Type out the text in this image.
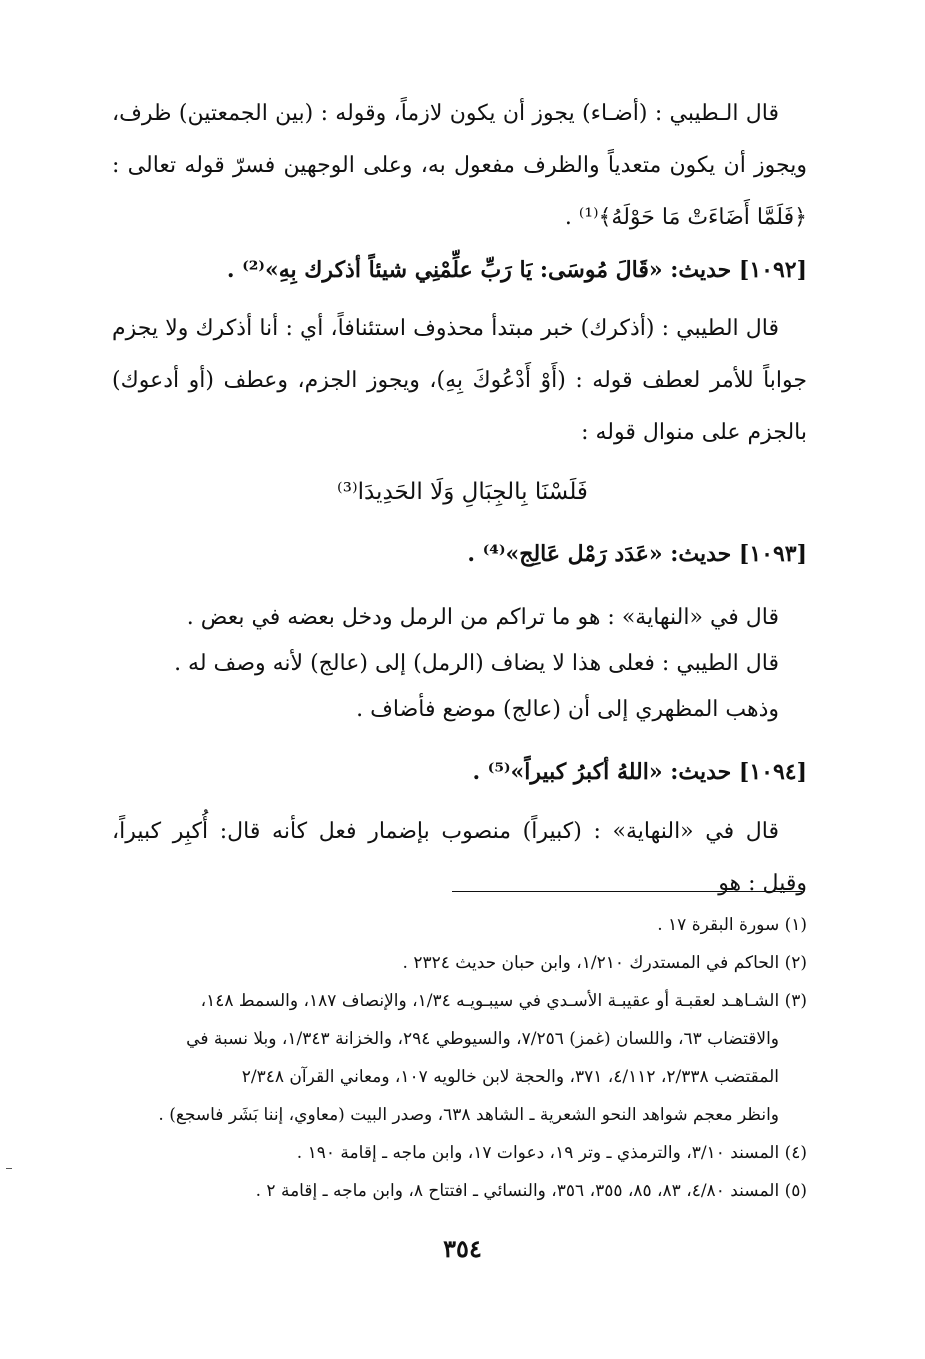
قال الـطيبي : (أضـاء) يجوز أن يكون لازماً، وقوله : (بين الجمعتين) ظرف، ويجوز أن يكون متعدياً والظرف مفعول به، وعلى الوجهين فسرّ قوله تعالى : ﴿فَلَمَّا أَضَاءَتْ مَا حَوْلَهُ﴾⁽¹⁾ .

[١٠٩٢] حديث: «قَالَ مُوسَى: يَا رَبِّ علِّمْنِي شيئاً أذكرك بِهِ»⁽²⁾ .

قال الطيبي : (أذكرك) خبر مبتدأ محذوف استئنافاً، أي : أنا أذكرك ولا يجزم جواباً للأمر لعطف قوله : (أَوْ أَدْعُوكَ بِهِ)، ويجوز الجزم، وعطف (أو أدعوك) بالجزم على منوال قوله :

فَلَسْنَا بِالجِبَالِ وَلَا الحَدِيدَا⁽³⁾

[١٠٩٣] حديث: «عَدَد رَمْل عَالِج»⁽⁴⁾ .

قال في «النهاية» : هو ما تراكم من الرمل ودخل بعضه في بعض .

قال الطيبي : فعلى هذا لا يضاف (الرمل) إلى (عالج) لأنه وصف له .

وذهب المظهري إلى أن (عالج) موضع فأضاف .

[١٠٩٤] حديث: «اللهُ أكبرُ كبيراً»⁽⁵⁾ .

قال في «النهاية» : (كبيراً) منصوب بإضمار فعل كأنه قال: أُكبِر كبيراً، وقيل : هو

(١) سورة البقرة ١٧ .

(٢) الحاكم في المستدرك ١/٢١٠، وابن حبان حديث ٢٣٢٤ .

(٣) الشـاهـد لعقبـة أو عقيبـة الأسـدي في سيبـويـه ١/٣٤، والإنصاف ١٨٧، والسمط ١٤٨،

والاقتضاب ٦٣، واللسان (غمز) ٧/٢٥٦، والسيوطي ٢٩٤، والخزانة ١/٣٤٣، وبلا نسبة في

المقتضب ٢/٣٣٨، ٤/١١٢، ٣٧١، والحجة لابن خالويه ١٠٧، ومعاني القرآن ٢/٣٤٨

وانظر معجم شواهد النحو الشعرية ـ الشاهد ٦٣٨، وصدر البيت (معاوي، إننا بَشَر فاسجع) .

(٤) المسند ٣/١٠، والترمذي ـ وتر ١٩، دعوات ١٧، وابن ماجه ـ إقامة ١٩٠ .

(٥) المسند ٤/٨٠، ٨٣، ٨٥، ٣٥٥، ٣٥٦، والنسائي ـ افتتاح ٨، وابن ماجه ـ إقامة ٢ .

٣٥٤
